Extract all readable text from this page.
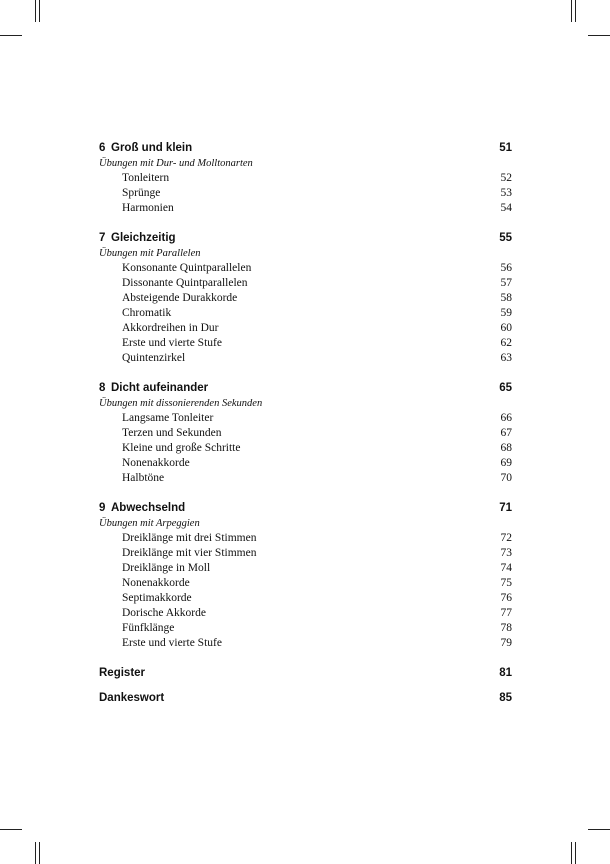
6 Groß und klein	51
Übungen mit Dur- und Molltonarten
Tonleitern	52
Sprünge	53
Harmonien	54
7 Gleichzeitig	55
Übungen mit Parallelen
Konsonante Quintparallelen	56
Dissonante Quintparallelen	57
Absteigende Durakkorde	58
Chromatik	59
Akkordreihen in Dur	60
Erste und vierte Stufe	62
Quintenzirkel	63
8 Dicht aufeinander	65
Übungen mit dissonierenden Sekunden
Langsame Tonleiter	66
Terzen und Sekunden	67
Kleine und große Schritte	68
Nonenakkorde	69
Halbtöne	70
9 Abwechselnd	71
Übungen mit Arpeggien
Dreiklänge mit drei Stimmen	72
Dreiklänge mit vier Stimmen	73
Dreiklänge in Moll	74
Nonenakkorde	75
Septimakkorde	76
Dorische Akkorde	77
Fünfklänge	78
Erste und vierte Stufe	79
Register	81
Dankeswort	85
